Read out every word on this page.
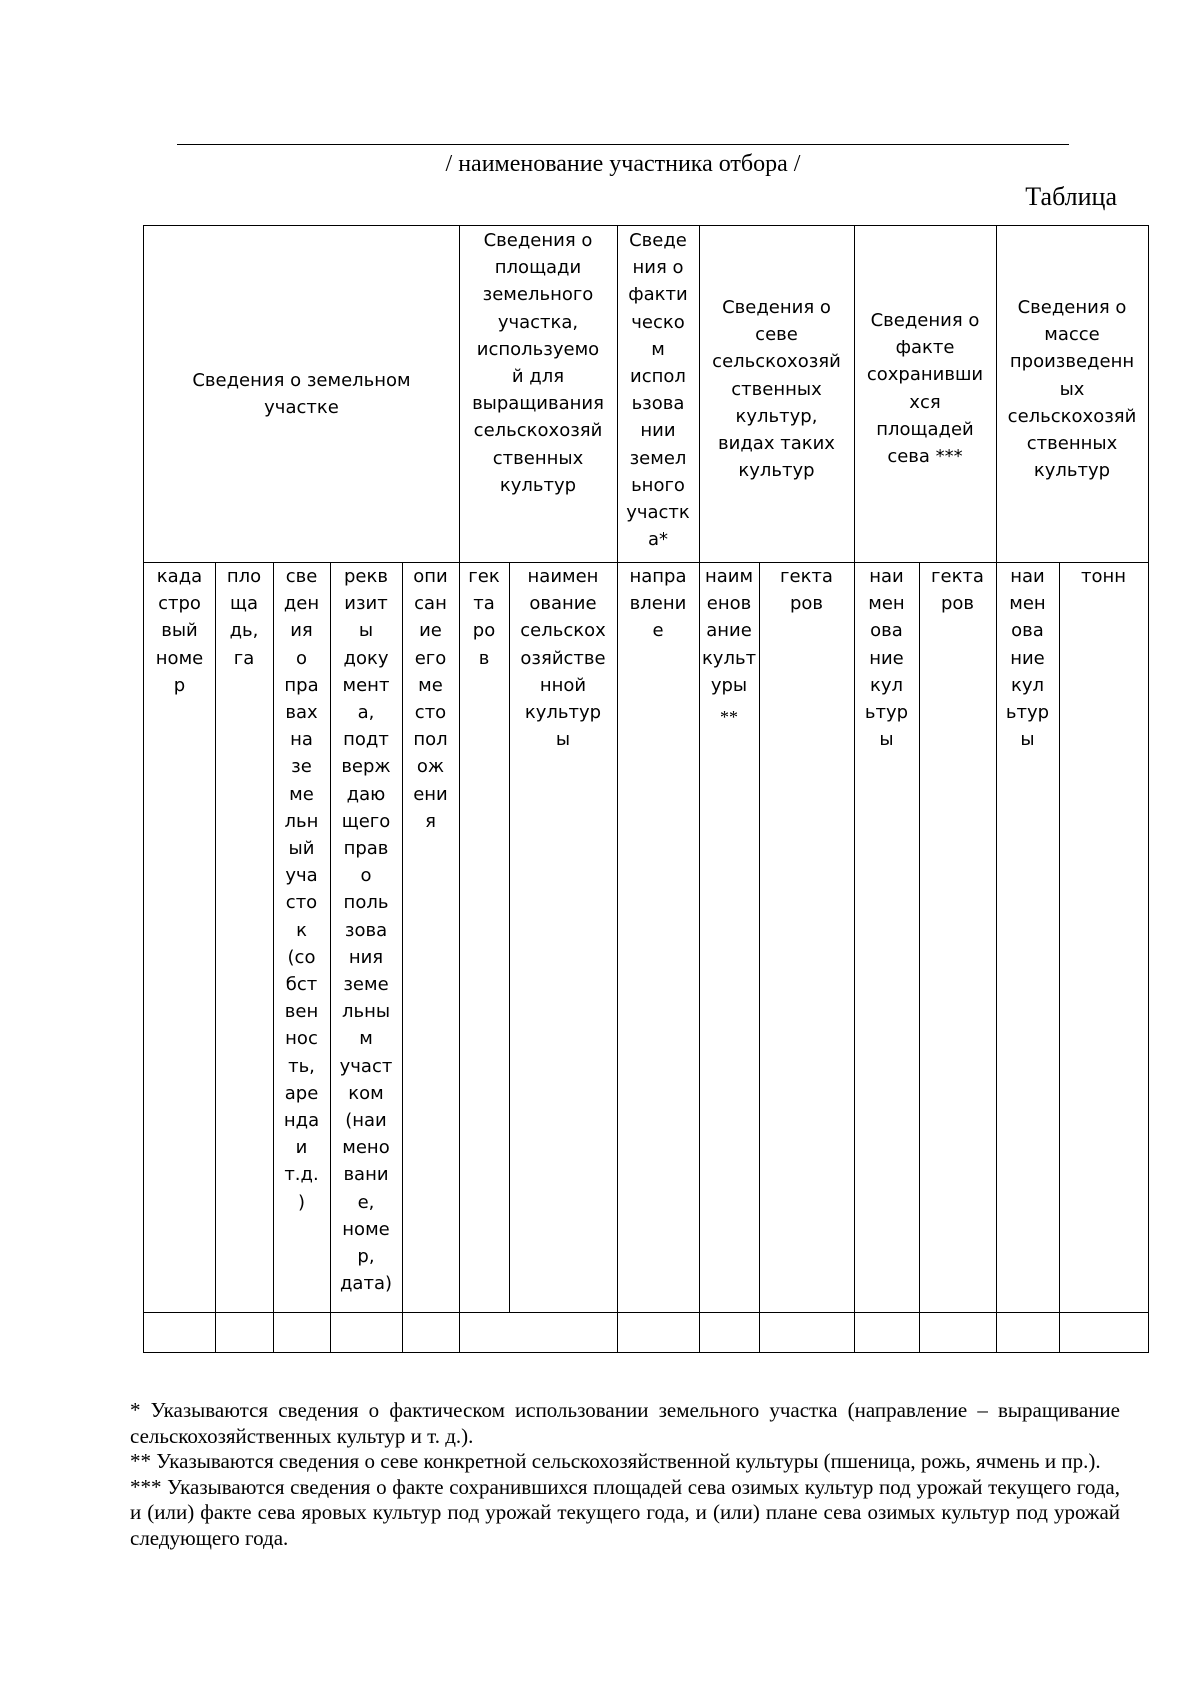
/ наименование участника отбора /
Таблица
Сведения о земельном
участке
Сведения о
площади
земельного
участка,
используемо
й для
выращивания
сельскохозяй
ственных
культур
Сведе
ния о
факти
ческо
м
испол
ьзова
нии
земел
ьного
участк
а*
Сведения о
севе
сельскохозяй
ственных
культур,
видах таких
культур
Сведения о
факте
сохранивши
хся
площадей
сева ***
Сведения о
массе
произведенн
ых
сельскохозяй
ственных
культур
када
стро
вый
номе
р
пло
ща
дь,
га
све
ден
ия
о
пра
вах
на
зе
ме
льн
ый
уча
сто
к
(со
бст
вен
нос
ть,
аре
нда
и
т.д.
)
рекв
изит
ы
доку
мент
а,
подт
верж
даю
щего
прав
о
поль
зова
ния
земе
льны
м
участ
ком
(наи
мено
вани
е,
номе
р,
дата)
опи
сан
ие
его
ме
сто
пол
ож
ени
я
гек
та
ро
в
наимен
ование
сельскох
озяйстве
нной
культур
ы
напра
влени
е
наим
енов
ание
культ
уры
**
гекта
ров
наи
мен
ова
ние
кул
ьтур
ы
гекта
ров
наи
мен
ова
ние
кул
ьтур
ы
тонн

* Указываются сведения о фактическом использовании земельного участка (направление – выращивание сельскохозяйственных культур и т. д.).

** Указываются сведения о севе конкретной сельскохозяйственной культуры (пшеница, рожь, ячмень и пр.).

*** Указываются сведения о факте сохранившихся площадей сева озимых культур под урожай текущего года, и (или) факте сева яровых культур под урожай текущего года, и (или) плане сева озимых культур под урожай следующего года.
